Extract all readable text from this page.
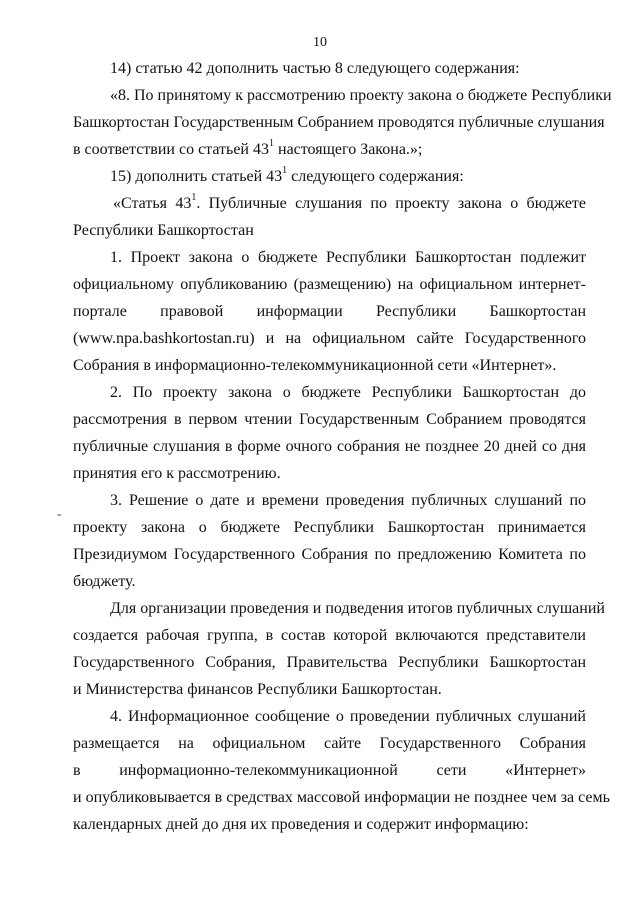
10
14) статью 42 дополнить частью 8 следующего содержания:
«8. По принятому к рассмотрению проекту закона о бюджете Республики
Башкортостан Государственным Собранием проводятся публичные слушания
в соответствии со статьей $43^1$ настоящего Закона.»;
15) дополнить статьей $43^1$ следующего содержания:
«Статья $43^1$. Публичные слушания по проекту закона о бюджете
Республики Башкортостан
1. Проект закона о бюджете Республики Башкортостан подлежит
официальному опубликованию (размещению) на официальном интернет-
портале правовой информации Республики Башкортостан
(www.npa.bashkortostan.ru) и на официальном сайте Государственного
Собрания в информационно-телекоммуникационной сети «Интернет».
2. По проекту закона о бюджете Республики Башкортостан до
рассмотрения в первом чтении Государственным Собранием проводятся
публичные слушания в форме очного собрания не позднее 20 дней со дня
принятия его к рассмотрению.
3. Решение о дате и времени проведения публичных слушаний по
проекту закона о бюджете Республики Башкортостан принимается
Президиумом Государственного Собрания по предложению Комитета по
бюджету.
Для организации проведения и подведения итогов публичных слушаний
создается рабочая группа, в состав которой включаются представители
Государственного Собрания, Правительства Республики Башкортостан
и Министерства финансов Республики Башкортостан.
4. Информационное сообщение о проведении публичных слушаний
размещается на официальном сайте Государственного Собрания
в информационно-телекоммуникационной сети «Интернет»
и опубликовывается в средствах массовой информации не позднее чем за семь
календарных дней до дня их проведения и содержит информацию:
-
